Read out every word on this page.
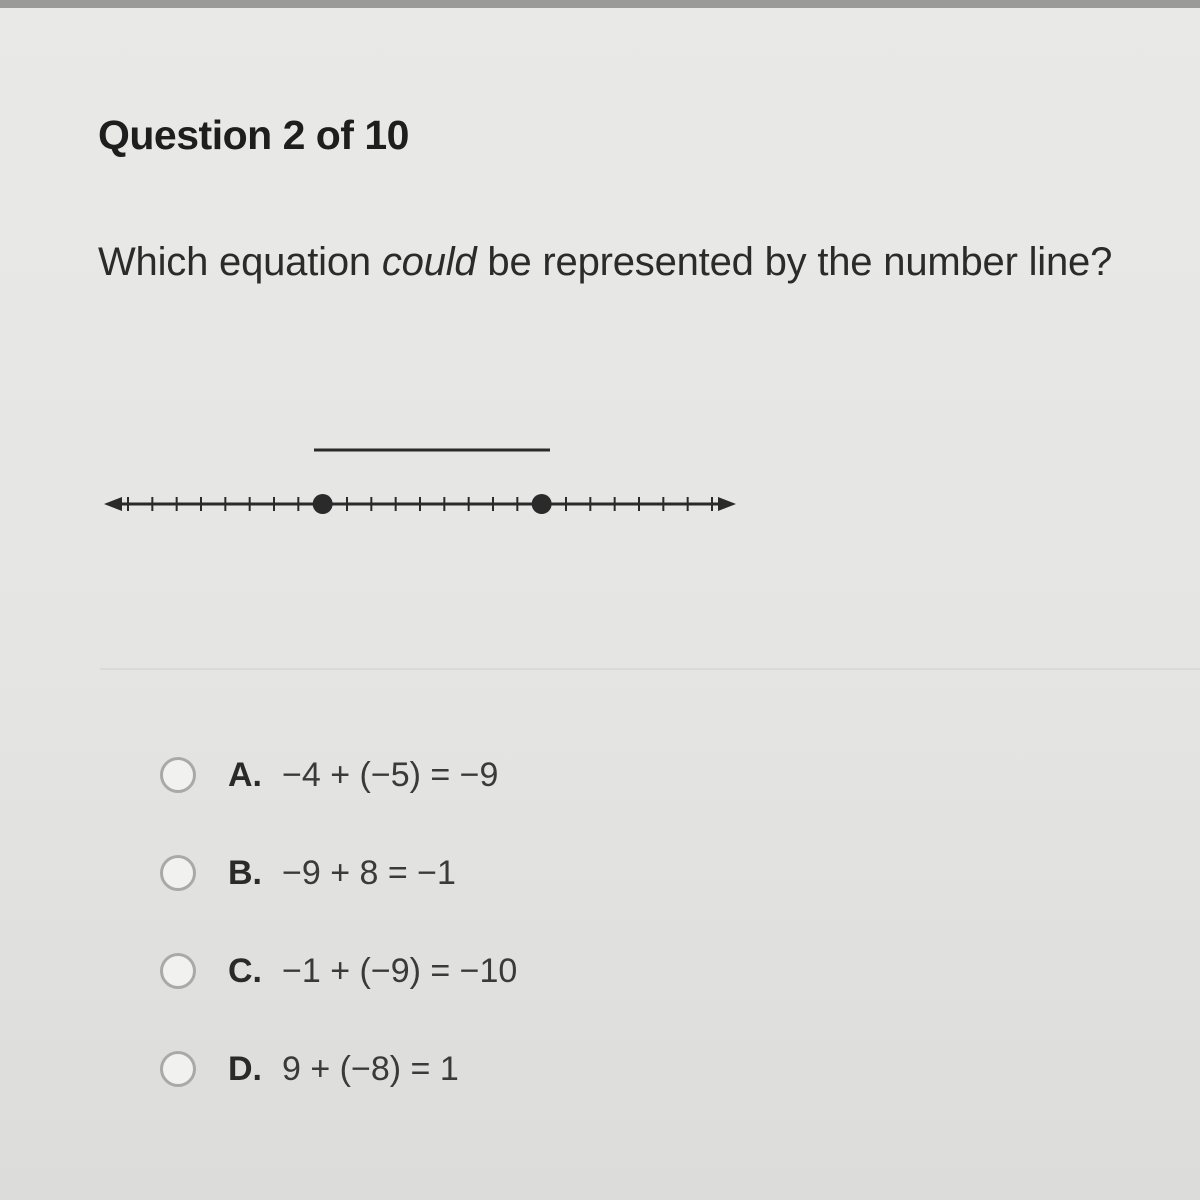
Question 2 of 10
Which equation could be represented by the number line?
A. −4 + (−5) = −9
B. −9 + 8 = −1
C. −1 + (−9) = −10
D. 9 + (−8) = 1
